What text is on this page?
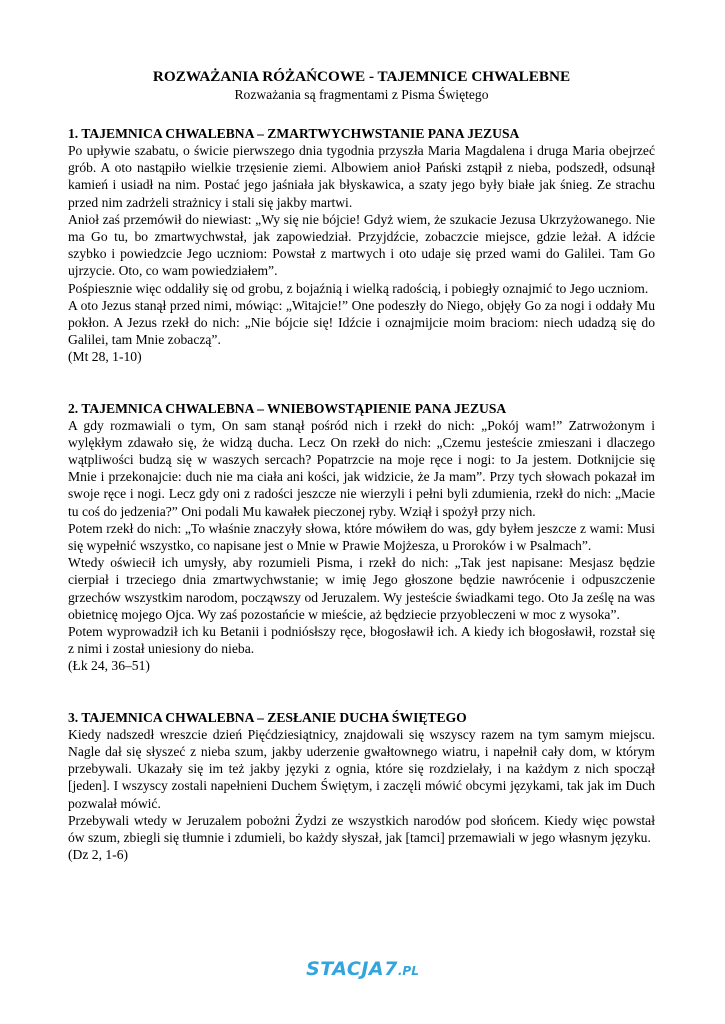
ROZWAŻANIA RÓŻAŃCOWE - TAJEMNICE CHWALEBNE

Rozważania są fragmentami z Pisma Świętego

1. TAJEMNICA CHWALEBNA – ZMARTWYCHWSTANIE PANA JEZUSA

Po upływie szabatu, o świcie pierwszego dnia tygodnia przyszła Maria Magdalena i druga Maria obejrzeć grób. A oto nastąpiło wielkie trzęsienie ziemi. Albowiem anioł Pański zstąpił z nieba, podszedł, odsunął kamień i usiadł na nim. Postać jego jaśniała jak błyskawica, a szaty jego były białe jak śnieg. Ze strachu przed nim zadrżeli strażnicy i stali się jakby martwi.

Anioł zaś przemówił do niewiast: „Wy się nie bójcie! Gdyż wiem, że szukacie Jezusa Ukrzyżowanego. Nie ma Go tu, bo zmartwychwstał, jak zapowiedział. Przyjdźcie, zobaczcie miejsce, gdzie leżał. A idźcie szybko i powiedzcie Jego uczniom: Powstał z martwych i oto udaje się przed wami do Galilei. Tam Go ujrzycie. Oto, co wam powiedziałem”.

Pośpiesznie więc oddaliły się od grobu, z bojaźnią i wielką radością, i pobiegły oznajmić to Jego uczniom.

A oto Jezus stanął przed nimi, mówiąc: „Witajcie!” One podeszły do Niego, objęły Go za nogi i oddały Mu pokłon. A Jezus rzekł do nich: „Nie bójcie się! Idźcie i oznajmijcie moim braciom: niech udadzą się do Galilei, tam Mnie zobaczą”.

(Mt 28, 1-10)

2. TAJEMNICA CHWALEBNA – WNIEBOWSTĄPIENIE PANA JEZUSA

A gdy rozmawiali o tym, On sam stanął pośród nich i rzekł do nich: „Pokój wam!” Zatrwożonym i wylękłym zdawało się, że widzą ducha. Lecz On rzekł do nich: „Czemu jesteście zmieszani i dlaczego wątpliwości budzą się w waszych sercach? Popatrzcie na moje ręce i nogi: to Ja jestem. Dotknijcie się Mnie i przekonajcie: duch nie ma ciała ani kości, jak widzicie, że Ja mam”. Przy tych słowach pokazał im swoje ręce i nogi. Lecz gdy oni z radości jeszcze nie wierzyli i pełni byli zdumienia, rzekł do nich: „Macie tu coś do jedzenia?” Oni podali Mu kawałek pieczonej ryby. Wziął i spożył przy nich.

Potem rzekł do nich: „To właśnie znaczyły słowa, które mówiłem do was, gdy byłem jeszcze z wami: Musi się wypełnić wszystko, co napisane jest o Mnie w Prawie Mojżesza, u Proroków i w Psalmach”.

Wtedy oświecił ich umysły, aby rozumieli Pisma, i rzekł do nich: „Tak jest napisane: Mesjasz będzie cierpiał i trzeciego dnia zmartwychwstanie; w imię Jego głoszone będzie nawrócenie i odpuszczenie grzechów wszystkim narodom, począwszy od Jeruzalem. Wy jesteście świadkami tego. Oto Ja ześlę na was obietnicę mojego Ojca. Wy zaś pozostańcie w mieście, aż będziecie przyobleczeni w moc z wysoka”.

Potem wyprowadził ich ku Betanii i podniósłszy ręce, błogosławił ich. A kiedy ich błogosławił, rozstał się z nimi i został uniesiony do nieba.

(Łk 24, 36–51)

3. TAJEMNICA CHWALEBNA – ZESŁANIE DUCHA ŚWIĘTEGO

Kiedy nadszedł wreszcie dzień Pięćdziesiątnicy, znajdowali się wszyscy razem na tym samym miejscu. Nagle dał się słyszeć z nieba szum, jakby uderzenie gwałtownego wiatru, i napełnił cały dom, w którym przebywali. Ukazały się im też jakby języki z ognia, które się rozdzielały, i na każdym z nich spoczął [jeden]. I wszyscy zostali napełnieni Duchem Świętym, i zaczęli mówić obcymi językami, tak jak im Duch pozwalał mówić.

Przebywali wtedy w Jeruzalem pobożni Żydzi ze wszystkich narodów pod słońcem. Kiedy więc powstał ów szum, zbiegli się tłumnie i zdumieli, bo każdy słyszał, jak [tamci] przemawiali w jego własnym języku.

(Dz 2, 1-6)

STACJA7.PL
